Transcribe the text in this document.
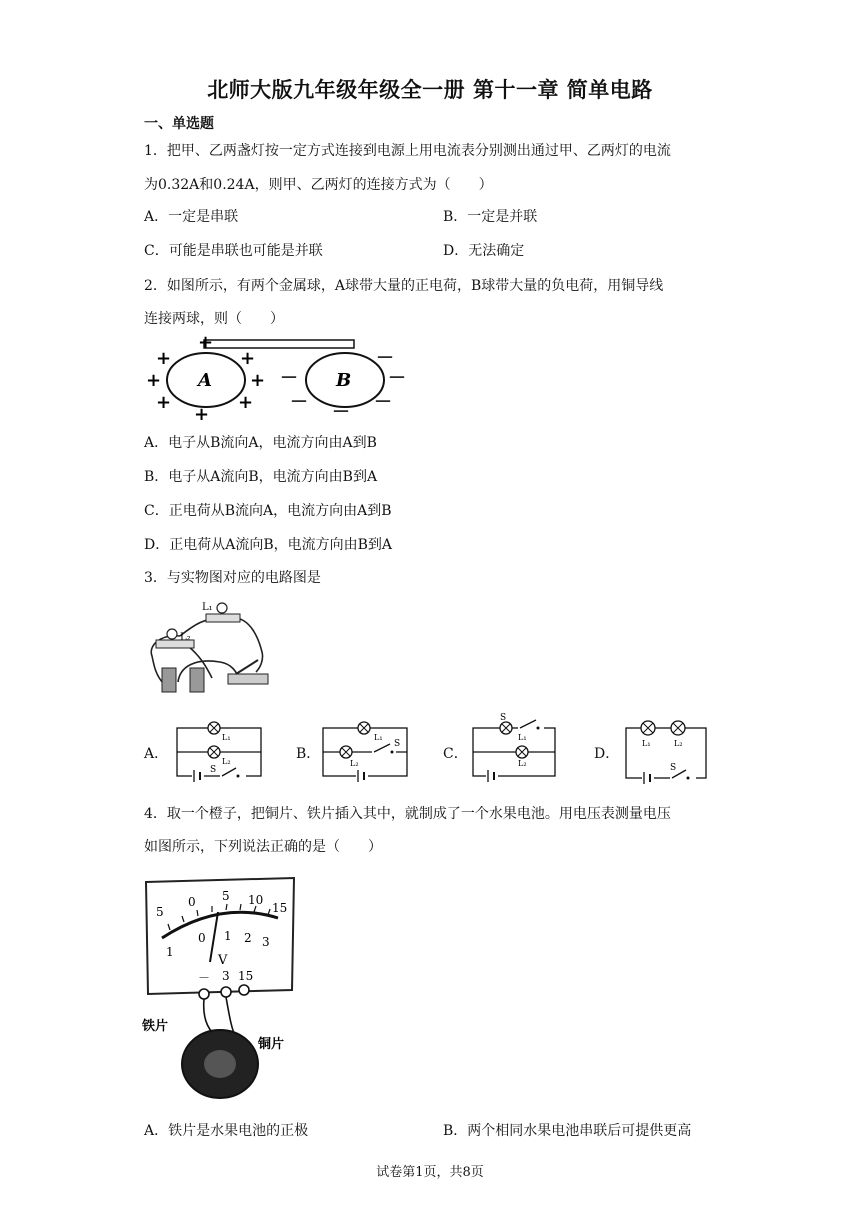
北师大版九年级年级全一册 第十一章 简单电路
一、单选题
1．把甲、乙两盏灯按一定方式连接到电源上用电流表分别测出通过甲、乙两灯的电流
为0.32A和0.24A，则甲、乙两灯的连接方式为（　　）
A．一定是串联	B．一定是并联
C．可能是串联也可能是并联	D．无法确定
2．如图所示，有两个金属球，A球带大量的正电荷，B球带大量的负电荷，用铜导线
连接两球，则（　　）
A	B
+
+
+
+	+
+	+
+
－
－	－
－	－
－
A．电子从B流向A，电流方向由A到B
B．电子从A流向B，电流方向由B到A
C．正电荷从B流向A，电流方向由A到B
D．正电荷从A流向B，电流方向由B到A
3．与实物图对应的电路图是
L₁
L₂
A．
L₁
L₂
S
B．
L₁
L₂
S
C．
S
L₁
L₂
D．
L₁	L₂
S
4．取一个橙子，把铜片、铁片插入其中，就制成了一个水果电池。用电压表测量电压
如图所示，下列说法正确的是（　　）
5
0 5 10
15
1
0 1 2 3
V
－ 3 15
铁片
铜片
A．铁片是水果电池的正极	B．两个相同水果电池串联后可提供更高
试卷第1页，共8页
